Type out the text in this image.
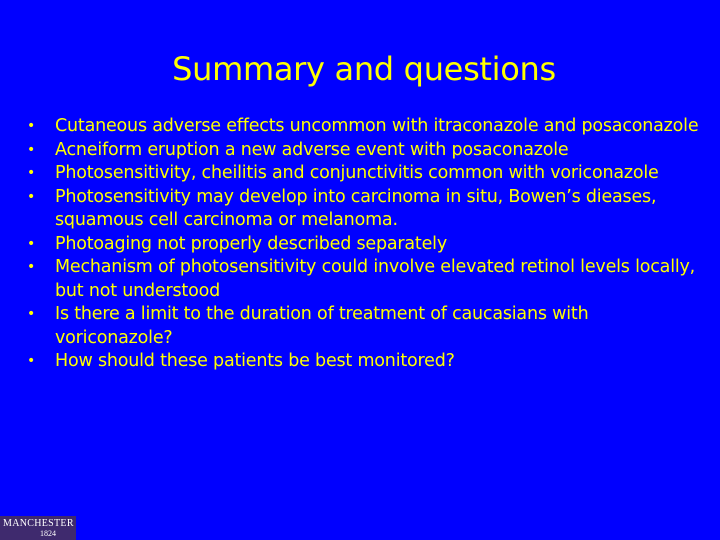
Summary and questions
•	Cutaneous adverse effects uncommon with itraconazole and posaconazole
•	Acneiform eruption a new adverse event with posaconazole
•	Photosensitivity, cheilitis and conjunctivitis common with voriconazole
•	Photosensitivity may develop into carcinoma in situ, Bowen’s dieases, squamous cell carcinoma or melanoma.
•	Photoaging not properly described separately
•	Mechanism of photosensitivity could involve elevated retinol levels locally, but not understood
•	Is there a limit to the duration of treatment of caucasians with voriconazole?
•	How should these patients be best monitored?
MANCHESTER
1824
